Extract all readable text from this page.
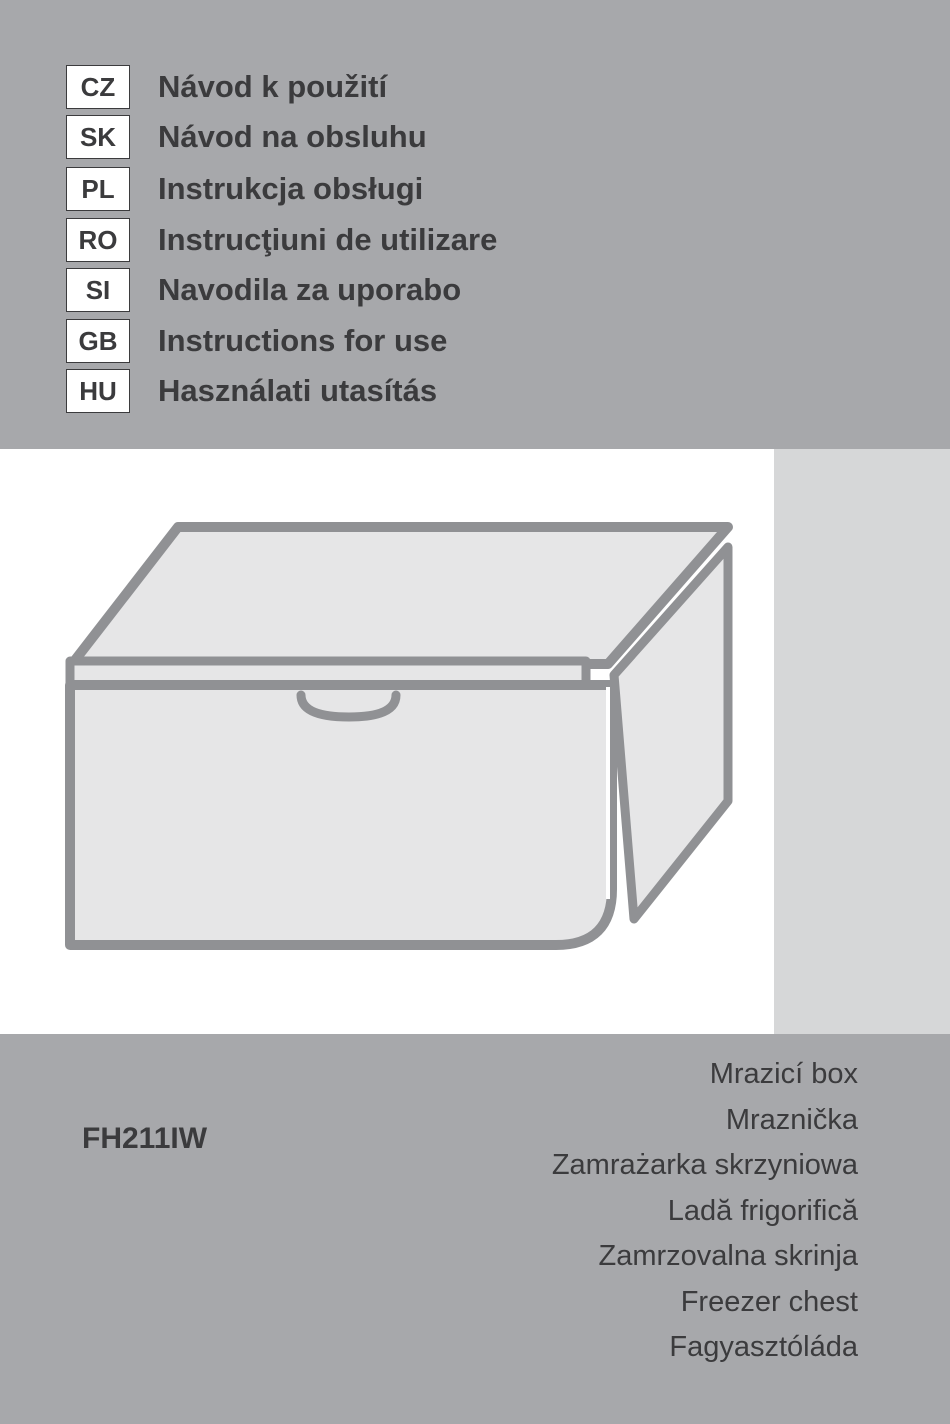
CZ	Návod k použití
SK	Návod na obsluhu
PL	Instrukcja obsługi
RO	Instrucţiuni de utilizare
SI	Navodila za uporabo
GB	Instructions for use
HU	Használati utasítás
FH211IW
Mrazicí box
Mraznička
Zamrażarka skrzyniowa
Ladă frigorifică
Zamrzovalna skrinja
Freezer chest
Fagyasztóláda
